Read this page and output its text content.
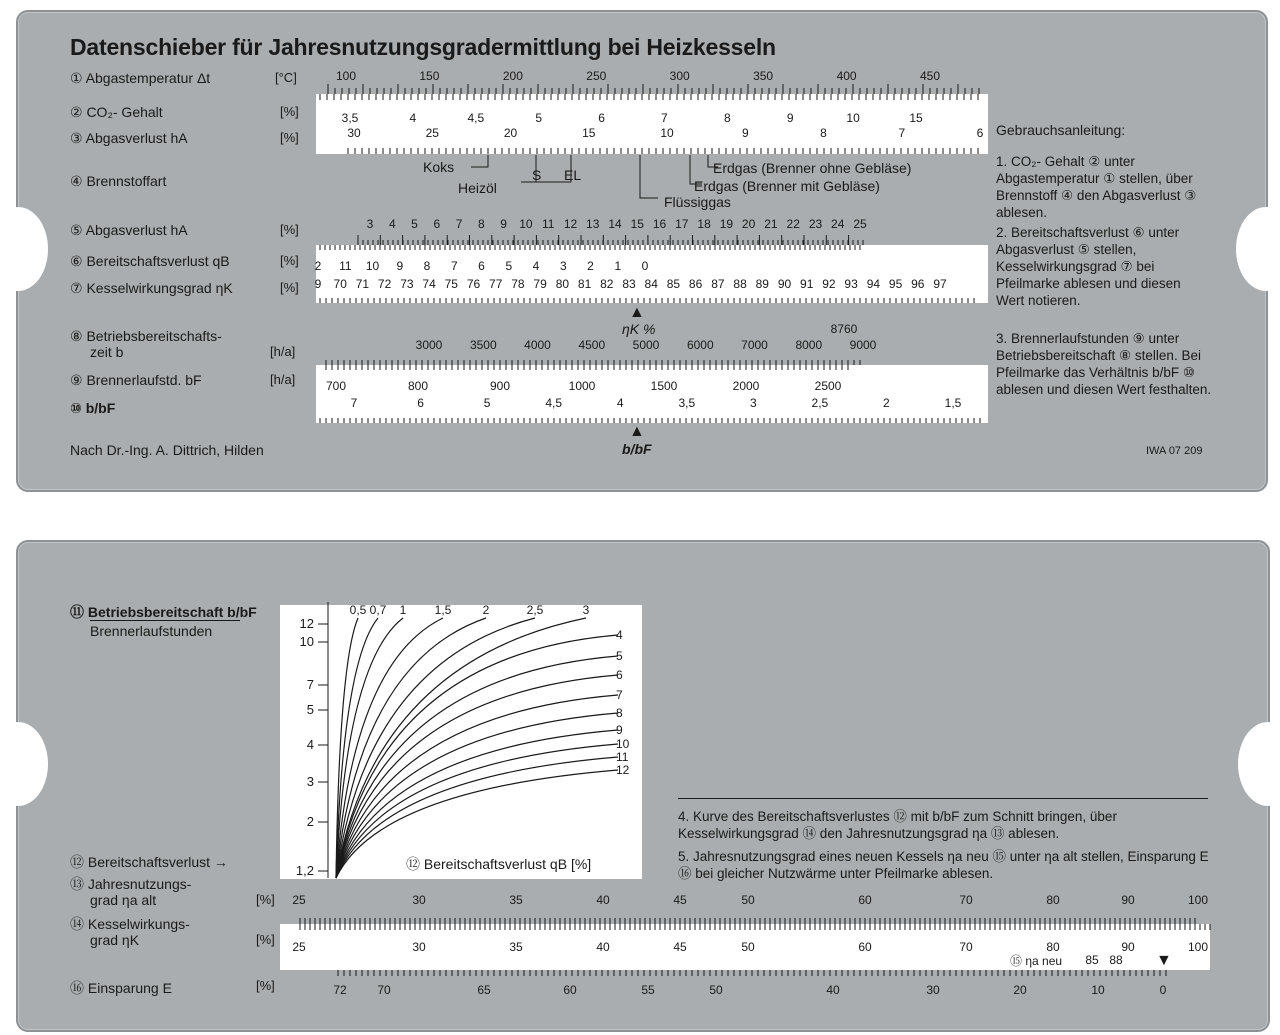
Datenschieber für Jahresnutzungsgradermittlung bei Heizkesseln
① Abgastemperatur Δt	[°C]
② CO₂- Gehalt	[%]
③ Abgasverlust hA	[%]
④ Brennstoffart
⑤ Abgasverlust hA	[%]
⑥ Bereitschaftsverlust qB	[%]
⑦ Kesselwirkungsgrad ηK	[%]
⑧ Betriebsbereitschafts-
zeit b	[h/a]
⑨ Brennerlaufstd. bF	[h/a]
⑩ b/bF
100	150	200	250	300	350	400	450
3,5	4	4,5	5	6	7	8	9	10	15
30	25	20	15	10	9	8	7	6
3 4 5 6 7 8 9 10 11 12 13 14 15 16 17 18 19 20 21 22 23 24 25
2 11 10 9 8 7 6 5 4 3 2 1 0
9 70 71 72 73 74 75 76 77 78 79 80 81 82 83 84 85 86 87 88 89 90 91 92 93 94 95 96 97
3000 3500 4000 4500 5000 6000 7000 8000 9000
8760
700	800	900	1000	1500	2000	2500
7	6	5	4,5	4	3,5	3	2,5	2	1,5
Koks
Heizöl
S EL	Erdgas (Brenner ohne Gebläse)
Erdgas (Brenner mit Gebläse)
Flüssiggas
▲
ηK %
▲
b/bF
Nach Dr.-Ing. A. Dittrich, Hilden	IWA 07 209
Gebrauchsanleitung:
1. CO₂- Gehalt ② unter Abgastemperatur ① stellen, über Brennstoff ④ den Abgasverlust ③ ablesen.
2. Bereitschaftsverlust ⑥ unter Abgasverlust ⑤ stellen, Kesselwirkungsgrad ⑦ bei Pfeilmarke ablesen und diesen Wert notieren.
3. Brennerlaufstunden ⑨ unter Betriebsbereitschaft ⑧ stellen. Bei Pfeilmarke das Verhältnis b/bF ⑩ ablesen und diesen Wert festhalten.
⑪ Betriebsbereitschaft b/bF
Brennerlaufstunden	12
10
7
5
4
3
2
1,2
0,5 0,7 1 1,5	2	2,5	3
4
5
6
7
8
9
10
11
12
25	30	35	40	45	50	60	70	80	90	100
25	30	35	40	45	50	60	70	80	90	100
85 88
72	70	65	60	55	50	40	30	20	10	0
⑫ Bereitschaftsverlust qB [%]
⑫ Bereitschaftsverlust →
⑬ Jahresnutzungs-
grad ηa alt	[%]
⑭ Kesselwirkungs-
grad ηK	[%]
⑯ Einsparung E	[%]
4. Kurve des Bereitschaftsverlustes ⑫ mit b/bF zum Schnitt bringen, über Kesselwirkungsgrad ⑭ den Jahresnutzungsgrad ηa ⑬ ablesen.
5. Jahresnutzungsgrad eines neuen Kessels ηa neu ⑮ unter ηa alt stellen, Einsparung E ⑯ bei gleicher Nutzwärme unter Pfeilmarke ablesen.
⑮ ηa neu	▼
